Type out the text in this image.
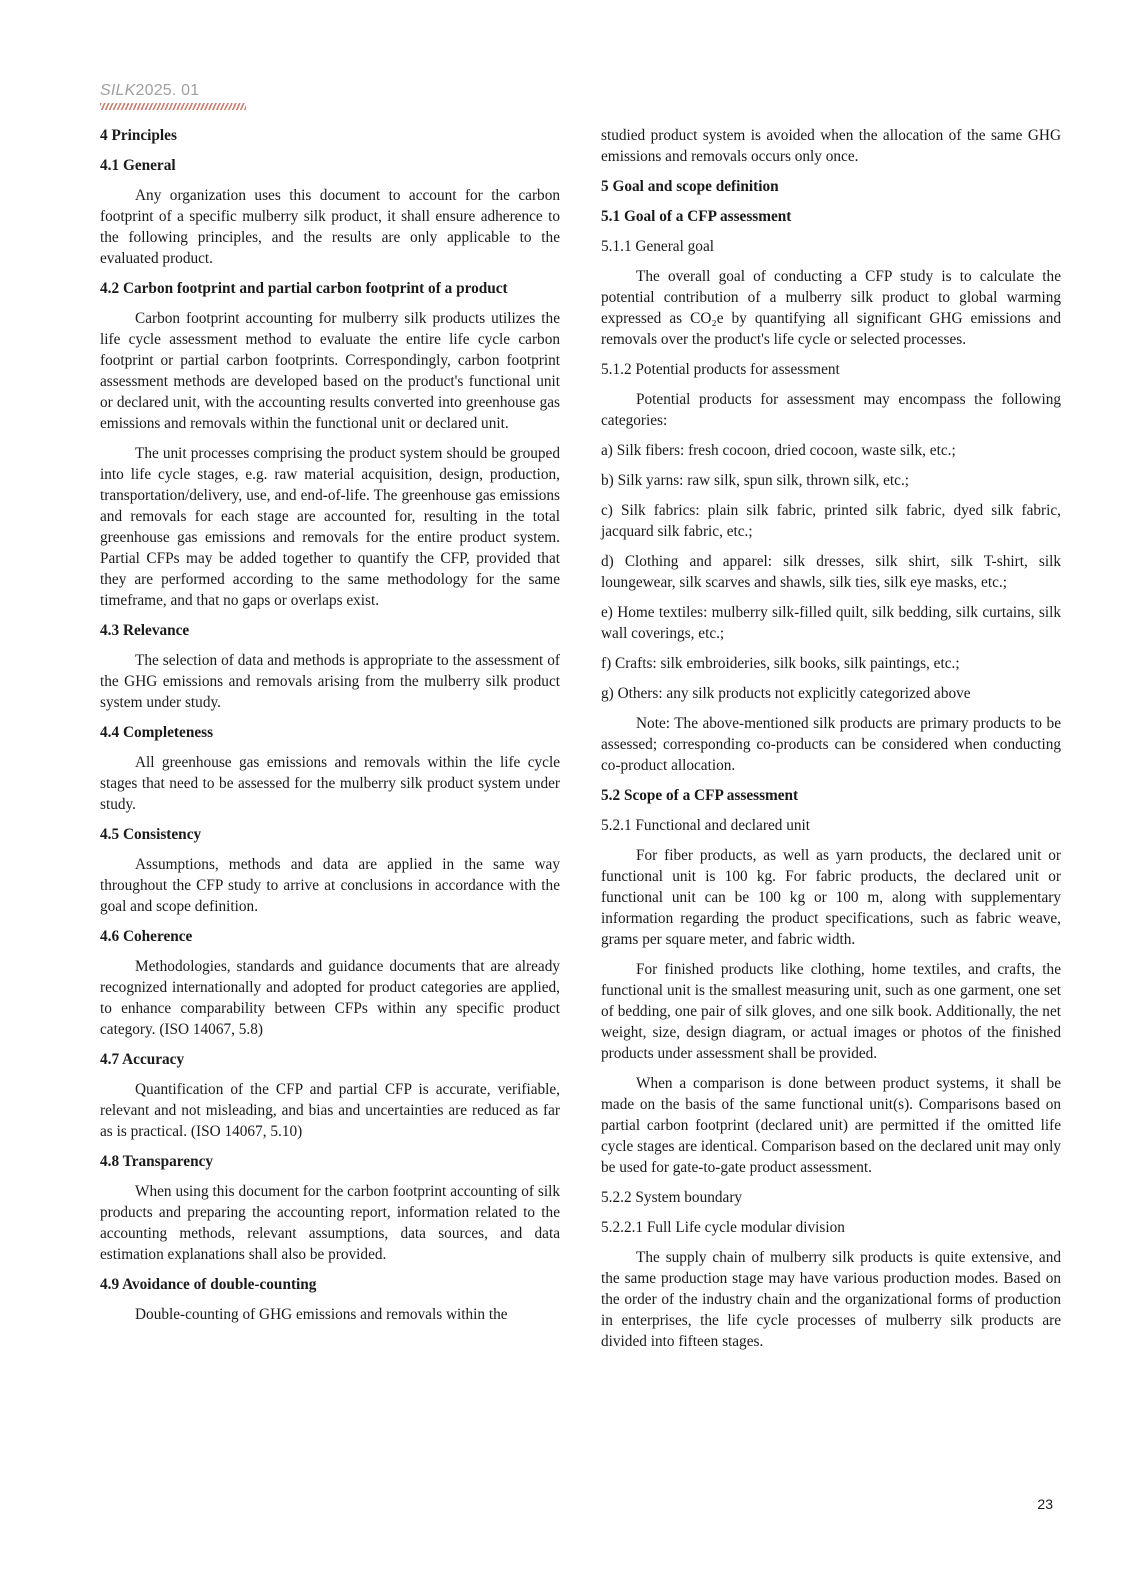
SILK2025. 01
4 Principles
4.1 General
Any organization uses this document to account for the carbon footprint of a specific mulberry silk product, it shall ensure adherence to the following principles, and the results are only applicable to the evaluated product.
4.2 Carbon footprint and partial carbon footprint of a product
Carbon footprint accounting for mulberry silk products utilizes the life cycle assessment method to evaluate the entire life cycle carbon footprint or partial carbon footprints. Correspondingly, carbon footprint assessment methods are developed based on the product's functional unit or declared unit, with the accounting results converted into greenhouse gas emissions and removals within the functional unit or declared unit.
The unit processes comprising the product system should be grouped into life cycle stages, e.g. raw material acquisition, design, production, transportation/delivery, use, and end-of-life. The greenhouse gas emissions and removals for each stage are accounted for, resulting in the total greenhouse gas emissions and removals for the entire product system. Partial CFPs may be added together to quantify the CFP, provided that they are performed according to the same methodology for the same timeframe, and that no gaps or overlaps exist.
4.3 Relevance
The selection of data and methods is appropriate to the assessment of the GHG emissions and removals arising from the mulberry silk product system under study.
4.4 Completeness
All greenhouse gas emissions and removals within the life cycle stages that need to be assessed for the mulberry silk product system under study.
4.5 Consistency
Assumptions, methods and data are applied in the same way throughout the CFP study to arrive at conclusions in accordance with the goal and scope definition.
4.6 Coherence
Methodologies, standards and guidance documents that are already recognized internationally and adopted for product categories are applied, to enhance comparability between CFPs within any specific product category. (ISO 14067, 5.8)
4.7 Accuracy
Quantification of the CFP and partial CFP is accurate, verifiable, relevant and not misleading, and bias and uncertainties are reduced as far as is practical. (ISO 14067, 5.10)
4.8 Transparency
When using this document for the carbon footprint accounting of silk products and preparing the accounting report, information related to the accounting methods, relevant assumptions, data sources, and data estimation explanations shall also be provided.
4.9 Avoidance of double-counting
Double-counting of GHG emissions and removals within the
studied product system is avoided when the allocation of the same GHG emissions and removals occurs only once.
5 Goal and scope definition
5.1 Goal of a CFP assessment
5.1.1 General goal
The overall goal of conducting a CFP study is to calculate the potential contribution of a mulberry silk product to global warming expressed as CO₂e by quantifying all significant GHG emissions and removals over the product's life cycle or selected processes.
5.1.2 Potential products for assessment
Potential products for assessment may encompass the following categories:
a) Silk fibers: fresh cocoon, dried cocoon, waste silk, etc.;
b) Silk yarns: raw silk, spun silk, thrown silk, etc.;
c) Silk fabrics: plain silk fabric, printed silk fabric, dyed silk fabric, jacquard silk fabric, etc.;
d) Clothing and apparel: silk dresses, silk shirt, silk T-shirt, silk loungewear, silk scarves and shawls, silk ties, silk eye masks, etc.;
e) Home textiles: mulberry silk-filled quilt, silk bedding, silk curtains, silk wall coverings, etc.;
f) Crafts: silk embroideries, silk books, silk paintings, etc.;
g) Others: any silk products not explicitly categorized above
Note: The above-mentioned silk products are primary products to be assessed; corresponding co-products can be considered when conducting co-product allocation.
5.2 Scope of a CFP assessment
5.2.1 Functional and declared unit
For fiber products, as well as yarn products, the declared unit or functional unit is 100 kg. For fabric products, the declared unit or functional unit can be 100 kg or 100 m, along with supplementary information regarding the product specifications, such as fabric weave, grams per square meter, and fabric width.
For finished products like clothing, home textiles, and crafts, the functional unit is the smallest measuring unit, such as one garment, one set of bedding, one pair of silk gloves, and one silk book. Additionally, the net weight, size, design diagram, or actual images or photos of the finished products under assessment shall be provided.
When a comparison is done between product systems, it shall be made on the basis of the same functional unit(s). Comparisons based on partial carbon footprint (declared unit) are permitted if the omitted life cycle stages are identical. Comparison based on the declared unit may only be used for gate-to-gate product assessment.
5.2.2 System boundary
5.2.2.1 Full Life cycle modular division
The supply chain of mulberry silk products is quite extensive, and the same production stage may have various production modes. Based on the order of the industry chain and the organizational forms of production in enterprises, the life cycle processes of mulberry silk products are divided into fifteen stages.
23
